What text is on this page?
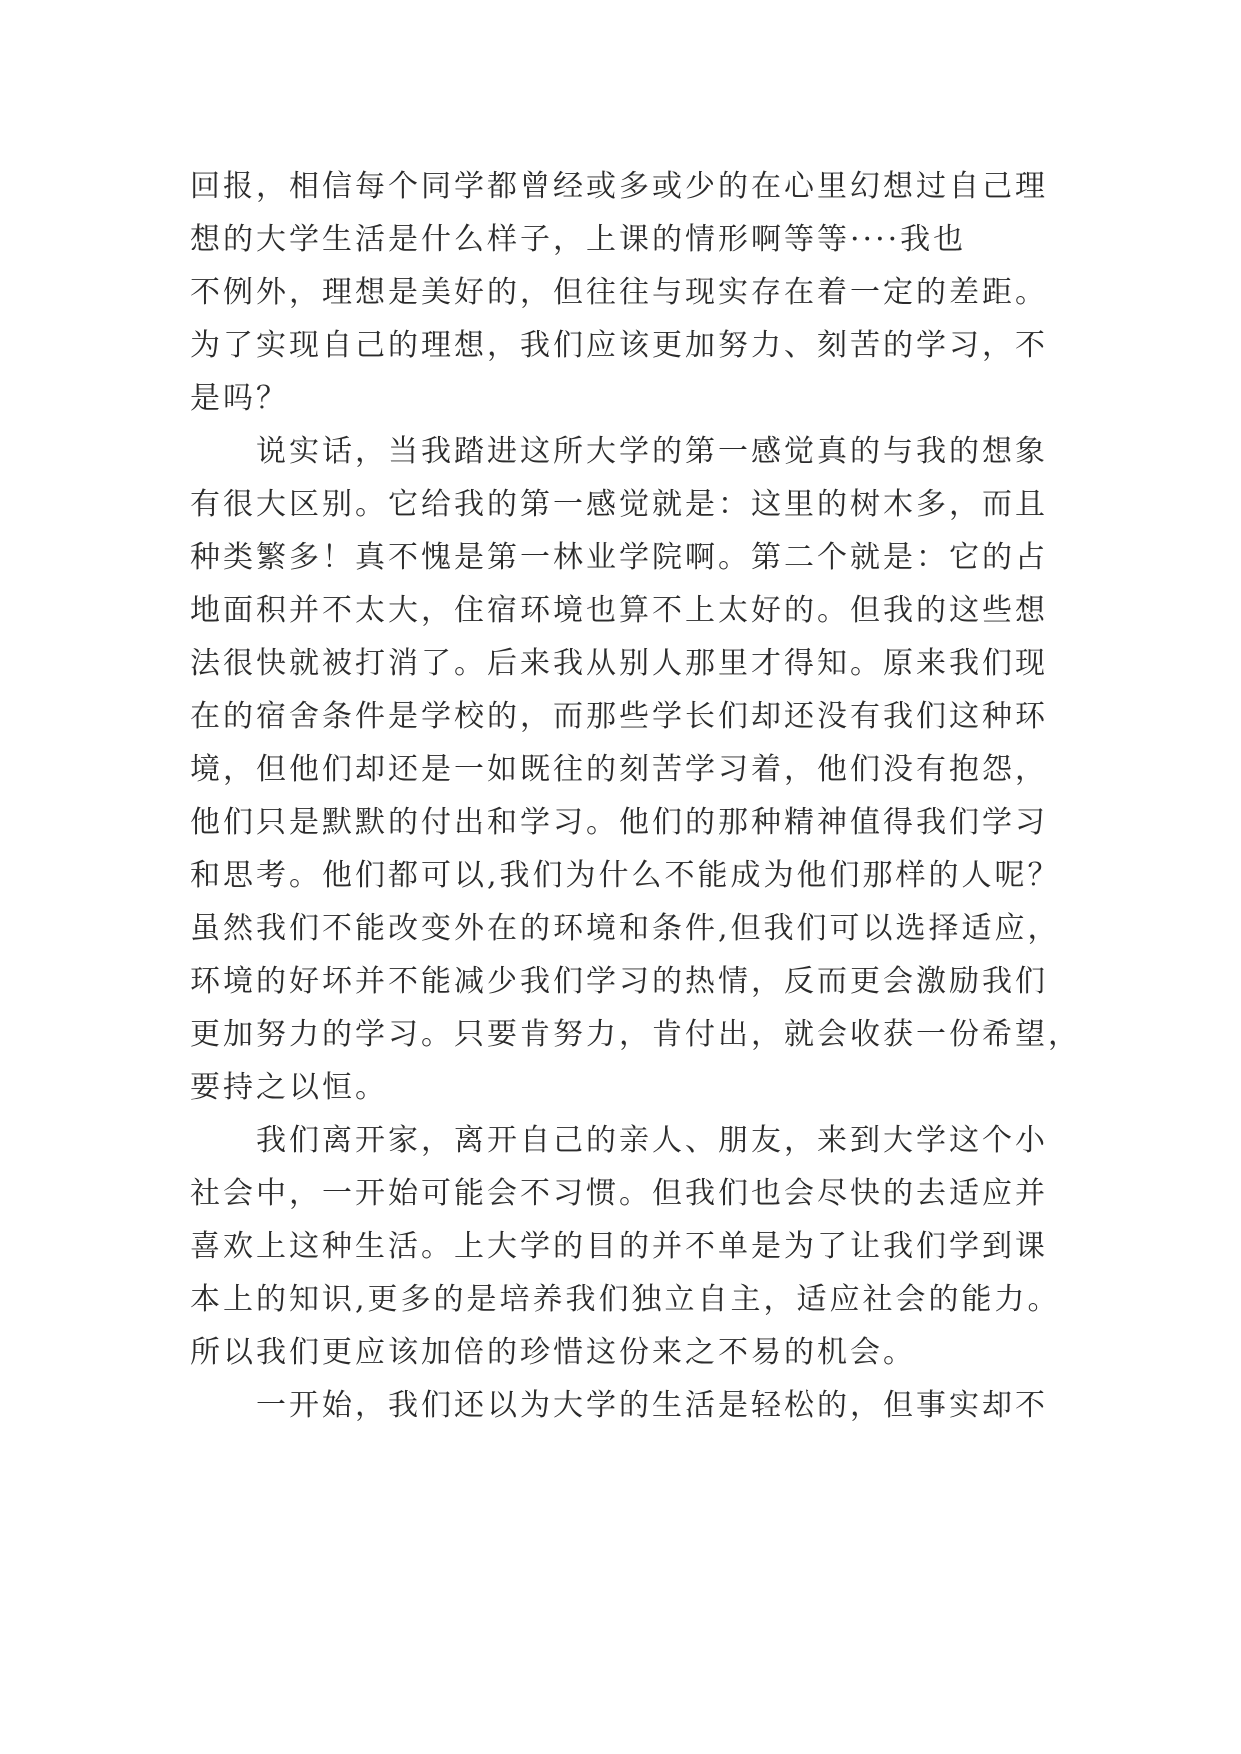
回报，相信每个同学都曾经或多或少的在心里幻想过自己理
想的大学生活是什么样子，上课的情形啊等等····我也
不例外，理想是美好的，但往往与现实存在着一定的差距。
为了实现自己的理想，我们应该更加努力、刻苦的学习，不
是吗？
说实话，当我踏进这所大学的第一感觉真的与我的想象
有很大区别。它给我的第一感觉就是：这里的树木多，而且
种类繁多！真不愧是第一林业学院啊。第二个就是：它的占
地面积并不太大，住宿环境也算不上太好的。但我的这些想
法很快就被打消了。后来我从别人那里才得知。原来我们现
在的宿舍条件是学校的，而那些学长们却还没有我们这种环
境，但他们却还是一如既往的刻苦学习着，他们没有抱怨，
他们只是默默的付出和学习。他们的那种精神值得我们学习
和思考。他们都可以,我们为什么不能成为他们那样的人呢？
虽然我们不能改变外在的环境和条件,但我们可以选择适应，
环境的好坏并不能减少我们学习的热情，反而更会激励我们
更加努力的学习。只要肯努力，肯付出，就会收获一份希望，
要持之以恒。
我们离开家，离开自己的亲人、朋友，来到大学这个小
社会中，一开始可能会不习惯。但我们也会尽快的去适应并
喜欢上这种生活。上大学的目的并不单是为了让我们学到课
本上的知识,更多的是培养我们独立自主，适应社会的能力。
所以我们更应该加倍的珍惜这份来之不易的机会。
一开始，我们还以为大学的生活是轻松的，但事实却不
